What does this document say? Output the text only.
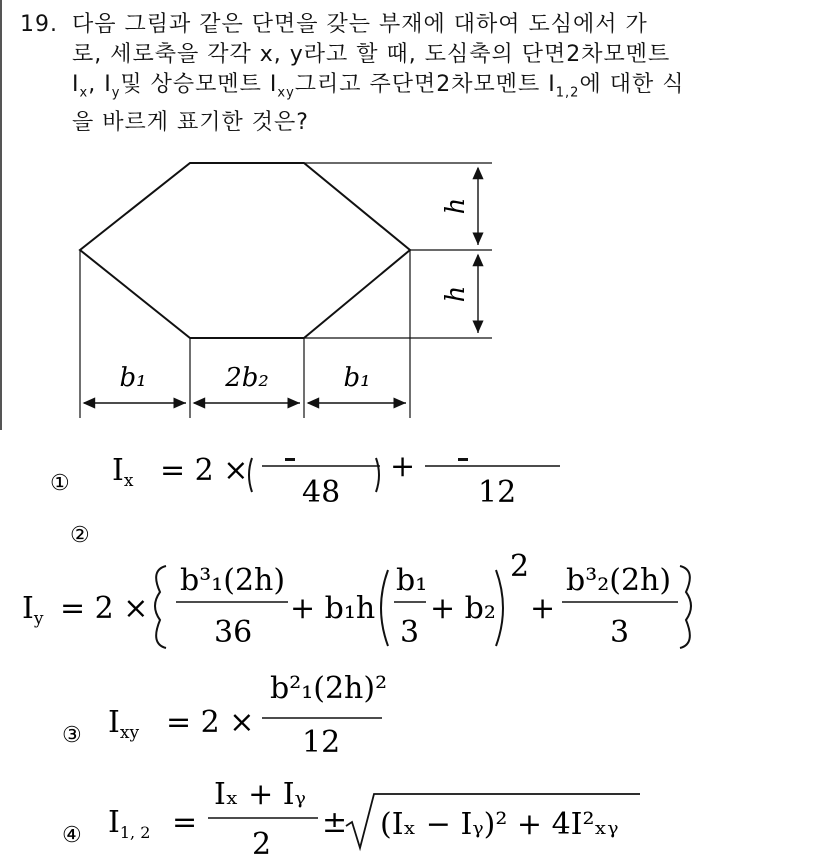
19. 다음 그림과 같은 단면을 갖는 부재에 대하여 도심에서 가
로, 세로축을 각각 x, y라고 할 때, 도심축의 단면2차모멘트
$I_x$, $I_y$및 상승모멘트 $I_{xy}$그리고 주단면2차모멘트 $I_{1,2}$에 대한 식
을 바르게 표기한 것은?
h
h
b₁	2b₂	b₁
① $I_x = 2$ ×
48
+
12
②
$I_y = 2$ ×
b³₁(2h)
36
+ b₁h
b₁
3
+ b₂
2
+
b³₂(2h)
3
③ $I_{xy} = 2$ ×
b²₁(2h)²
12
④ $I_{1, 2}$ =
Iₓ + Iᵧ
2
± (Iₓ − Iᵧ)² + 4I²ₓᵧ
